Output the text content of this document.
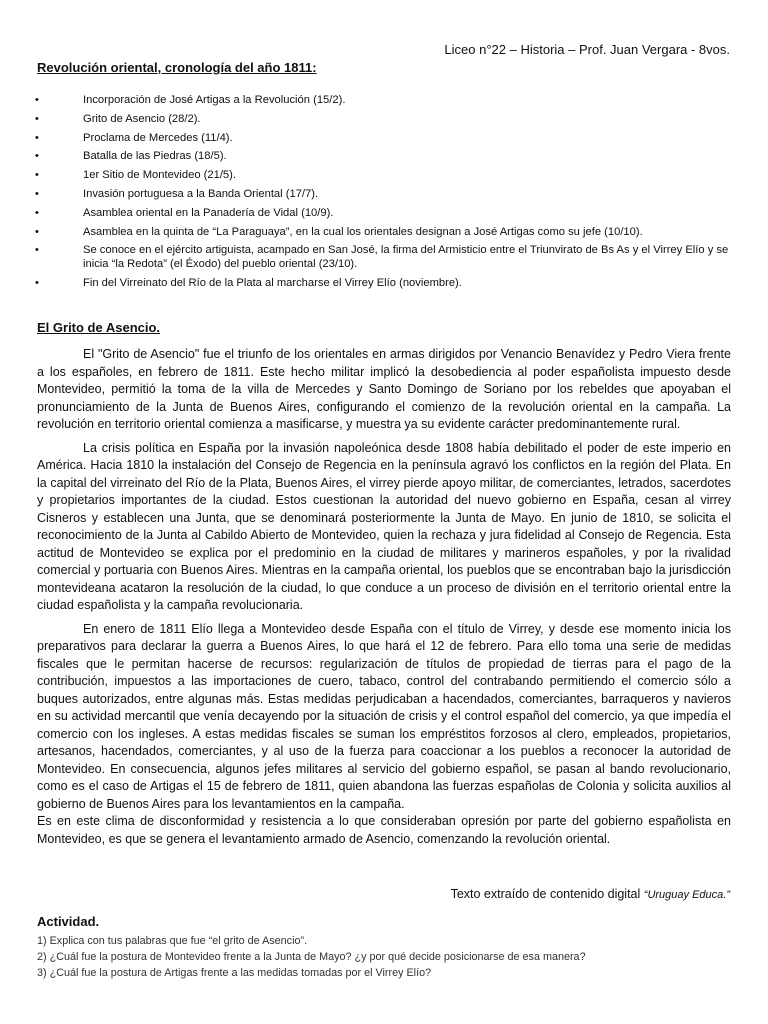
Liceo n°22 – Historia – Prof. Juan Vergara - 8vos.
Revolución oriental, cronología del año 1811:
•	Incorporación de José Artigas a la Revolución (15/2).
•	Grito de Asencio (28/2).
•	Proclama de Mercedes (11/4).
•	Batalla de las Piedras (18/5).
•	1er Sitio de Montevideo (21/5).
•	Invasión portuguesa a la Banda Oriental (17/7).
•	Asamblea oriental en la Panadería de Vidal (10/9).
•	Asamblea en la quinta de “La Paraguaya”, en la cual los orientales designan a José Artigas como su jefe (10/10).
•	Se conoce en el ejército artiguista, acampado en San José, la firma del Armisticio entre el Triunvirato de Bs As y el Virrey Elío y se inicia “la Redota” (el Éxodo) del pueblo oriental (23/10).
•	Fin del Virreinato del Río de la Plata al marcharse el Virrey Elío (noviembre).
El Grito de Asencio.

El "Grito de Asencio" fue el triunfo de los orientales en armas dirigidos por Venancio Benavídez y Pedro Viera frente a los españoles, en febrero de 1811. Este hecho militar implicó la desobediencia al poder españolista impuesto desde Montevideo, permitió la toma de la villa de Mercedes y Santo Domingo de Soriano por los rebeldes que apoyaban el pronunciamiento de la Junta de Buenos Aires, configurando el comienzo de la revolución oriental en la campaña. La revolución en territorio oriental comienza a masificarse, y muestra ya su evidente carácter predominantemente rural.

La crisis política en España por la invasión napoleónica desde 1808 había debilitado el poder de este imperio en América. Hacia 1810 la instalación del Consejo de Regencia en la península agravó los conflictos en la región del Plata. En la capital del virreinato del Río de la Plata, Buenos Aires, el virrey pierde apoyo militar, de comerciantes, letrados, sacerdotes y propietarios importantes de la ciudad. Estos cuestionan la autoridad del nuevo gobierno en España, cesan al virrey Cisneros y establecen una Junta, que se denominará posteriormente la Junta de Mayo. En junio de 1810, se solicita el reconocimiento de la Junta al Cabildo Abierto de Montevideo, quien la rechaza y jura fidelidad al Consejo de Regencia. Esta actitud de Montevideo se explica por el predominio en la ciudad de militares y marineros españoles, y por la rivalidad comercial y portuaria con Buenos Aires. Mientras en la campaña oriental, los pueblos que se encontraban bajo la jurisdicción montevideana acataron la resolución de la ciudad, lo que conduce a un proceso de división en el territorio oriental entre la ciudad españolista y la campaña revolucionaria.

En enero de 1811 Elío llega a Montevideo desde España con el título de Virrey, y desde ese momento inicia los preparativos para declarar la guerra a Buenos Aires, lo que hará el 12 de febrero. Para ello toma una serie de medidas fiscales que le permitan hacerse de recursos: regularización de títulos de propiedad de tierras para el pago de la contribución, impuestos a las importaciones de cuero, tabaco, control del contrabando permitiendo el comercio sólo a buques autorizados, entre algunas más. Estas medidas perjudicaban a hacendados, comerciantes, barraqueros y navieros en su actividad mercantil que venía decayendo por la situación de crisis y el control español del comercio, ya que impedía el comercio con los ingleses. A estas medidas fiscales se suman los empréstitos forzosos al clero, empleados, propietarios, artesanos, hacendados, comerciantes, y al uso de la fuerza para coaccionar a los pueblos a reconocer la autoridad de Montevideo. En consecuencia, algunos jefes militares al servicio del gobierno español, se pasan al bando revolucionario, como es el caso de Artigas el 15 de febrero de 1811, quien abandona las fuerzas españolas de Colonia y solicita auxilios al gobierno de Buenos Aires para los levantamientos en la campaña.

Es en este clima de disconformidad y resistencia a lo que consideraban opresión por parte del gobierno españolista en Montevideo, es que se genera el levantamiento armado de Asencio, comenzando la revolución oriental.

Texto extraído de contenido digital “Uruguay Educa.”
Actividad.
1) Explica con tus palabras que fue “el grito de Asencio”.
2) ¿Cuál fue la postura de Montevideo frente a la Junta de Mayo? ¿y por qué decide posicionarse de esa manera?
3) ¿Cuál fue la postura de Artigas frente a las medidas tomadas por el Virrey Elío?
